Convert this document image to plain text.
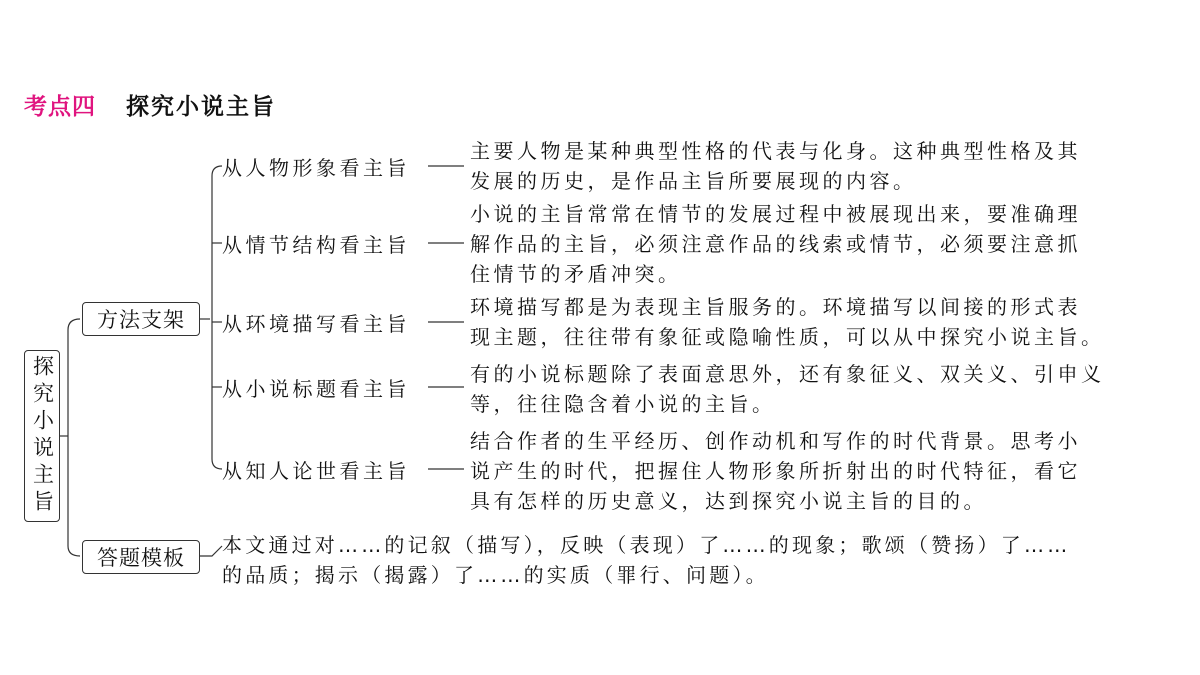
考点四 探究小说主旨
探究小说主旨
方法支架
答题模板
从人物形象看主旨
从情节结构看主旨
从环境描写看主旨
从小说标题看主旨
从知人论世看主旨

主要人物是某种典型性格的代表与化身。这种典型性格及其

发展的历史，是作品主旨所要展现的内容。

小说的主旨常常在情节的发展过程中被展现出来，要准确理

解作品的主旨，必须注意作品的线索或情节，必须要注意抓

住情节的矛盾冲突。

环境描写都是为表现主旨服务的。环境描写以间接的形式表

现主题，往往带有象征或隐喻性质，可以从中探究小说主旨。

有的小说标题除了表面意思外，还有象征义、双关义、引申义

等，往往隐含着小说的主旨。

结合作者的生平经历、创作动机和写作的时代背景。思考小

说产生的时代，把握住人物形象所折射出的时代特征，看它

具有怎样的历史意义，达到探究小说主旨的目的。

本文通过对……的记叙（描写），反映（表现）了……的现象；歌颂（赞扬）了……

的品质；揭示（揭露）了……的实质（罪行、问题）。
